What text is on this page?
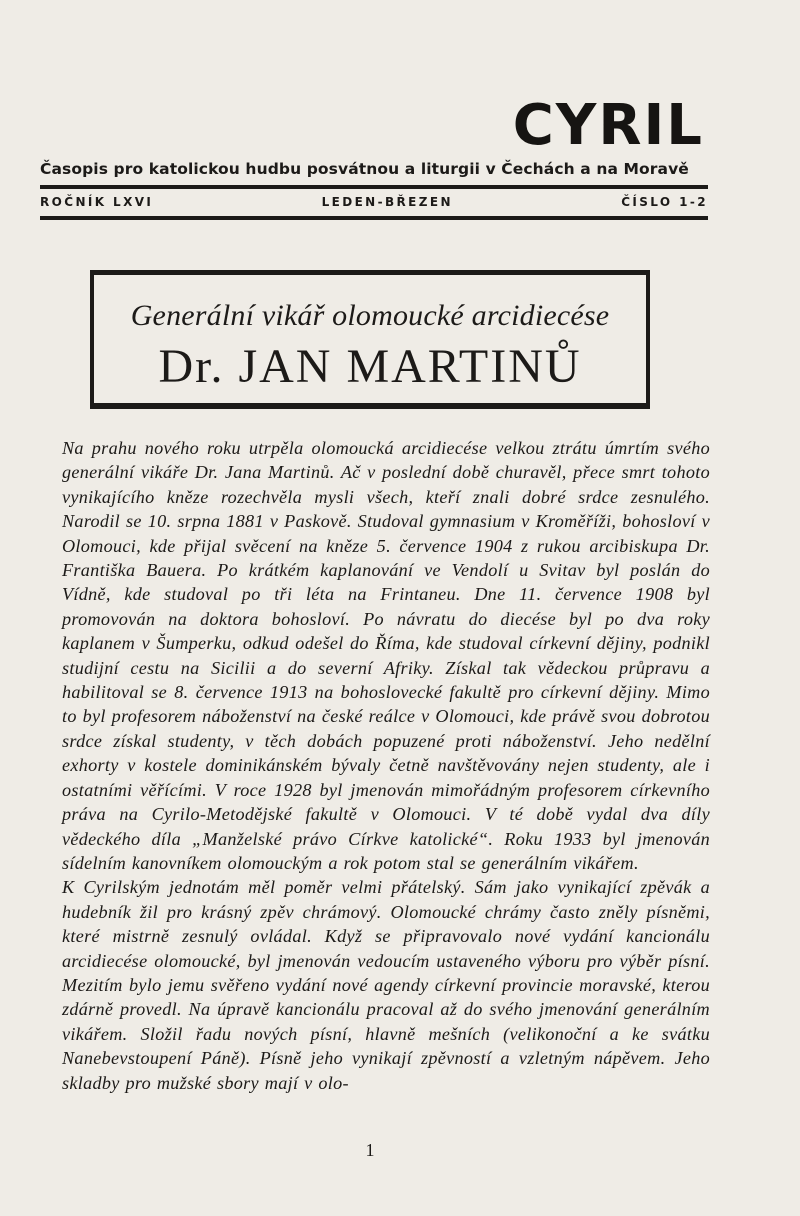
CYRIL
Časopis pro katolickou hudbu posvátnou a liturgii v Čechách a na Moravě
ROČNÍK LXVI	LEDEN-BŘEZEN	ČÍSLO 1-2
Generální vikář olomoucké arcidiecése
Dr. JAN MARTINŮ

Na prahu nového roku utrpěla olomoucká arcidiecése velkou ztrátu úmrtím svého generální vikáře Dr. Jana Martinů. Ač v poslední době churavěl, přece smrt tohoto vynikajícího kněze rozechvěla mysli všech, kteří znali dobré srdce zesnulého. Narodil se 10. srpna 1881 v Paskově. Studoval gymnasium v Kroměříži, bohosloví v Olomouci, kde přijal svěcení na kněze 5. července 1904 z rukou arcibiskupa Dr. Františka Bauera. Po krátkém kaplanování ve Vendolí u Svitav byl poslán do Vídně, kde studoval po tři léta na Frintaneu. Dne 11. července 1908 byl promovován na doktora bohosloví. Po návratu do diecése byl po dva roky kaplanem v Šumperku, odkud odešel do Říma, kde studoval církevní dějiny, podnikl studijní cestu na Sicilii a do severní Afriky. Získal tak vědeckou průpravu a habilitoval se 8. července 1913 na bohoslovecké fakultě pro církevní dějiny. Mimo to byl profesorem náboženství na české reálce v Olomouci, kde právě svou dobrotou srdce získal studenty, v těch dobách popuzené proti náboženství. Jeho nedělní exhorty v kostele dominikánském bývaly četně navštěvovány nejen studenty, ale i ostatními věřícími. V roce 1928 byl jmenován mimořádným profesorem církevního práva na Cyrilo-Metodějské fakultě v Olomouci. V té době vydal dva díly vědeckého díla „Manželské právo Církve katolické“. Roku 1933 byl jmenován sídelním kanovníkem olomouckým a rok potom stal se generálním vikářem.

K Cyrilským jednotám měl poměr velmi přátelský. Sám jako vynikající zpěvák a hudebník žil pro krásný zpěv chrámový. Olomoucké chrámy často zněly písněmi, které mistrně zesnulý ovládal. Když se připravovalo nové vydání kancionálu arcidiecése olomoucké, byl jmenován vedoucím ustaveného výboru pro výběr písní. Mezitím bylo jemu svěřeno vydání nové agendy církevní provincie moravské, kterou zdárně provedl. Na úpravě kancionálu pracoval až do svého jmenování generálním vikářem. Složil řadu nových písní, hlavně mešních (velikonoční a ke svátku Nanebevstoupení Páně). Písně jeho vynikají zpěvností a vzletným nápěvem. Jeho skladby pro mužské sbory mají v olo-

1
